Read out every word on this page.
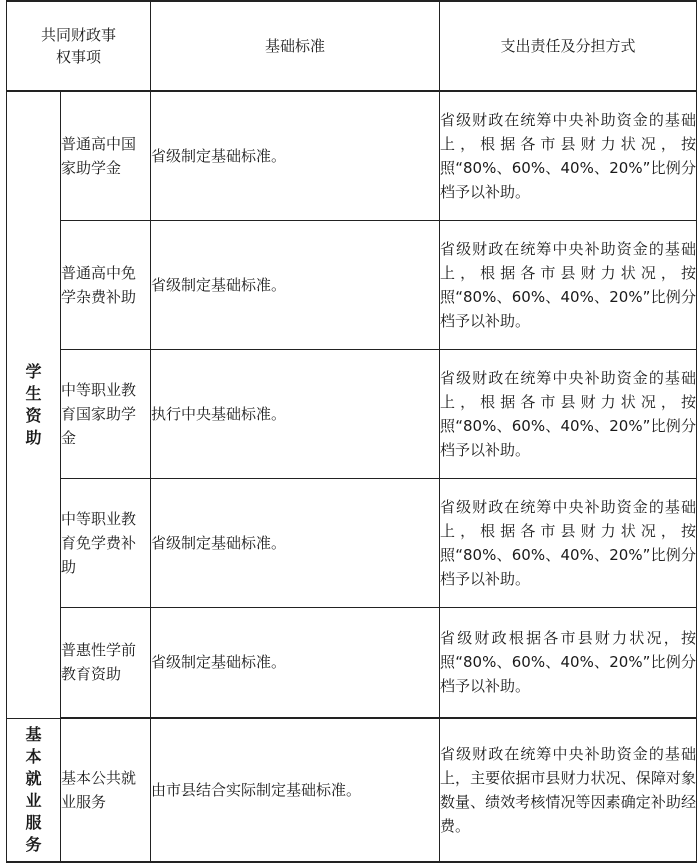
共同财政事权事项		基础标准	支出责任及分担方式

学生资助	普通高中国家助学金	省级制定基础标准。	省级财政在统筹中央补助资金的基础上，根据各市县财力状况，按照“80%、60%、40%、20%”比例分档予以补助。
	普通高中免学杂费补助	省级制定基础标准。	省级财政在统筹中央补助资金的基础上，根据各市县财力状况，按照“80%、60%、40%、20%”比例分档予以补助。
	中等职业教育国家助学金	执行中央基础标准。	省级财政在统筹中央补助资金的基础上，根据各市县财力状况，按照“80%、60%、40%、20%”比例分档予以补助。
	中等职业教育免学费补助	省级制定基础标准。	省级财政在统筹中央补助资金的基础上，根据各市县财力状况，按照“80%、60%、40%、20%”比例分档予以补助。
	普惠性学前教育资助	省级制定基础标准。	省级财政根据各市县财力状况，按照“80%、60%、40%、20%”比例分档予以补助。
基本就业服务	基本公共就业服务	由市县结合实际制定基础标准。	省级财政在统筹中央补助资金的基础上，主要依据市县财力状况、保障对象数量、绩效考核情况等因素确定补助经费。
